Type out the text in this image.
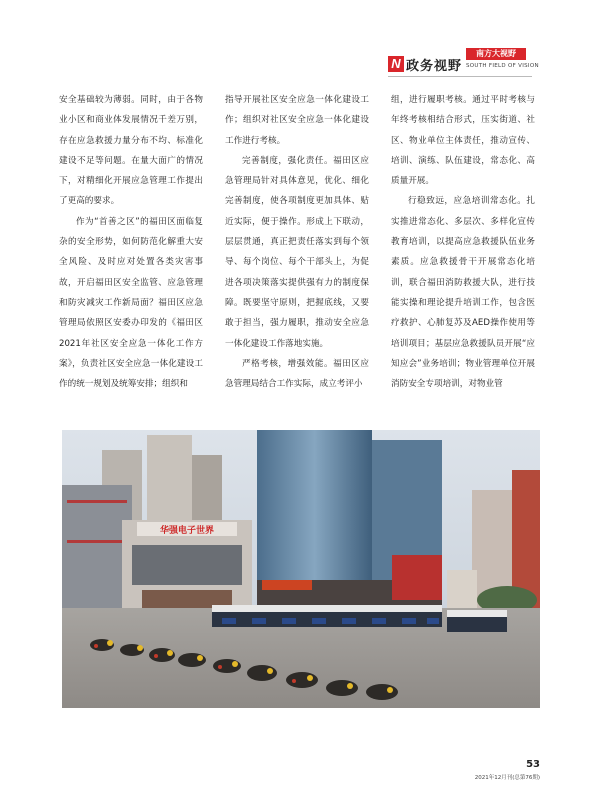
N 政务视野
南方大视野
SOUTH FIELD OF VISION

安全基础较为薄弱。同时，由于各物业小区和商业体发展情况千差万别，存在应急救援力量分布不均、标准化建设不足等问题。在量大面广的情况下，对精细化开展应急管理工作提出了更高的要求。

作为“首善之区”的福田区面临复杂的安全形势，如何防范化解重大安全风险、及时应对处置各类灾害事故，开启福田区安全监管、应急管理和防灾减灾工作新局面？福田区应急管理局依照区安委办印发的《福田区2021年社区安全应急一体化工作方案》，负责社区安全应急一体化建设工作的统一规划及统筹安排；组织和

指导开展社区安全应急一体化建设工作；组织对社区安全应急一体化建设工作进行考核。

完善制度，强化责任。福田区应急管理局针对具体意见，优化、细化完善制度，使各项制度更加具体、贴近实际，便于操作。形成上下联动，层层贯通，真正把责任落实到每个领导、每个岗位、每个干部头上，为促进各项决策落实提供强有力的制度保障。既要坚守原则，把握底线，又要敢于担当，强力履职，推动安全应急一体化建设工作落地实施。

严格考核，增强效能。福田区应急管理局结合工作实际，成立考评小

组，进行履职考核。通过平时考核与年终考核相结合形式，压实街道、社区、物业单位主体责任，推动宣传、培训、演练、队伍建设，常态化、高质量开展。

行稳致远，应急培训常态化。扎实推进常态化、多层次、多样化宣传教育培训，以提高应急救援队伍业务素质。应急救援骨干开展常态化培训，联合福田消防救援大队，进行技能实操和理论提升培训工作，包含医疗救护、心肺复苏及AED操作使用等培训项目；基层应急救援队员开展“应知应会”业务培训；物业管理单位开展消防安全专项培训，对物业管

华强电子世界
53
2021年12月刊(总第76期)
